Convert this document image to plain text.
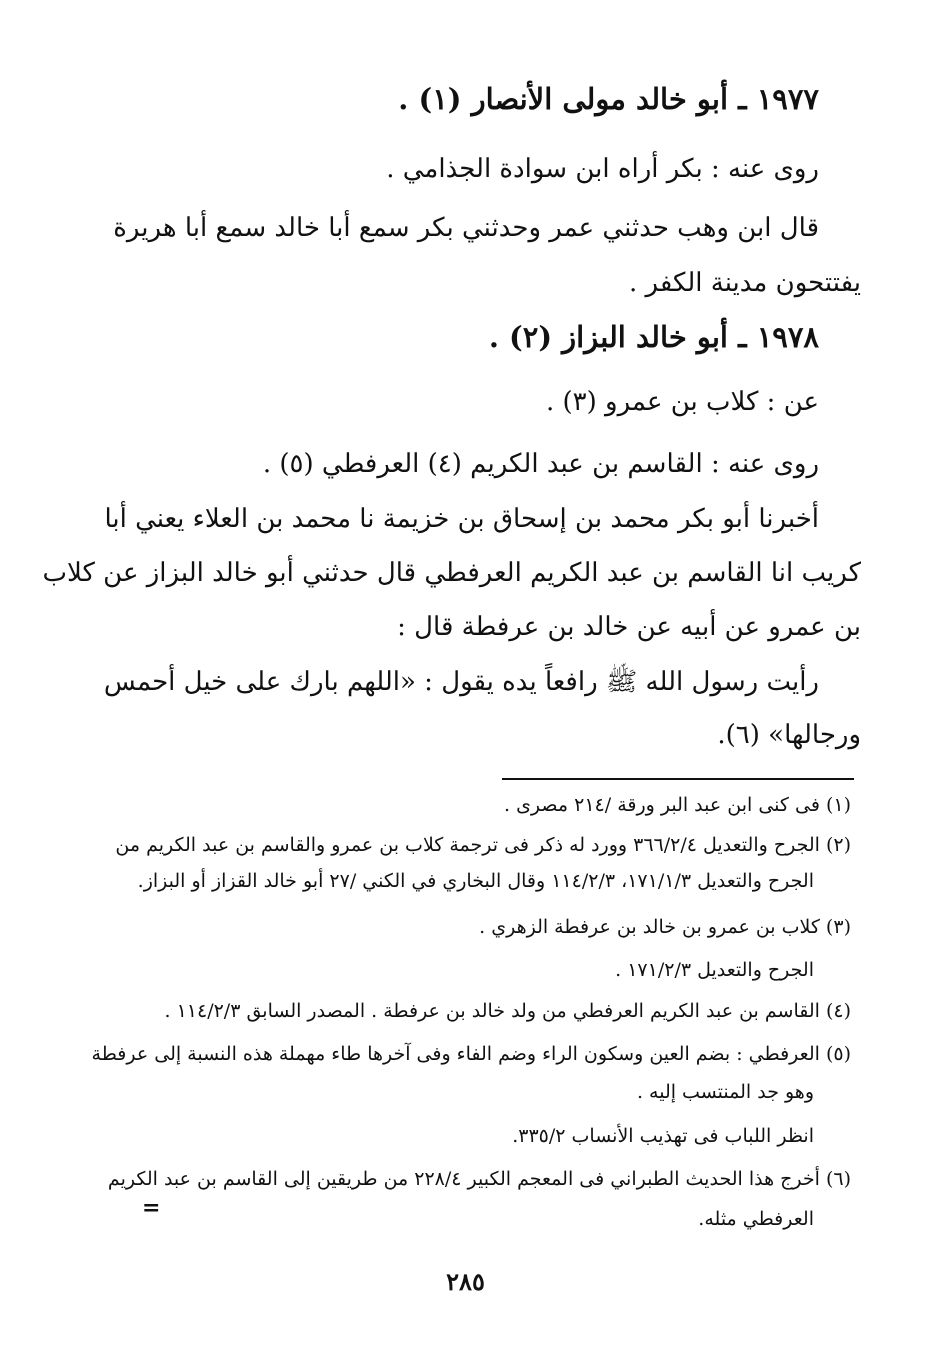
١٩٧٧ ـ أبو خالد مولى الأنصار (١) .
روى عنه : بكر أراه ابن سوادة الجذامي .
قال ابن وهب حدثني عمر وحدثني بكر سمع أبا خالد سمع أبا هريرة
يفتتحون مدينة الكفر .
١٩٧٨ ـ أبو خالد البزاز (٢) .
عن : كلاب بن عمرو (٣) .
روى عنه : القاسم بن عبد الكريم (٤) العرفطي (٥) .
أخبرنا أبو بكر محمد بن إسحاق بن خزيمة نا محمد بن العلاء يعني أبا
كريب انا القاسم بن عبد الكريم العرفطي قال حدثني أبو خالد البزاز عن كلاب
بن عمرو عن أبيه عن خالد بن عرفطة قال :
رأيت رسول الله ﷺ رافعاً يده يقول : «اللهم بارك على خيل أحمس
ورجالها» (٦).
(١) فى كنى ابن عبد البر ورقة /٢١٤ مصرى .
(٢) الجرح والتعديل ٣٦٦/٢/٤ وورد له ذكر فى ترجمة كلاب بن عمرو والقاسم بن عبد الكريم من
الجرح والتعديل ١٧١/١/٣، ١١٤/٢/٣ وقال البخاري في الكني /٢٧ أبو خالد القزاز أو البزاز.
(٣) كلاب بن عمرو بن خالد بن عرفطة الزهري .
الجرح والتعديل ١٧١/٢/٣ .
(٤) القاسم بن عبد الكريم العرفطي من ولد خالد بن عرفطة . المصدر السابق ١١٤/٢/٣ .
(٥) العرفطي : بضم العين وسكون الراء وضم الفاء وفى آخرها طاء مهملة هذه النسبة إلى عرفطة
وهو جد المنتسب إليه .
انظر اللباب فى تهذيب الأنساب ٣٣٥/٢.
(٦) أخرج هذا الحديث الطبراني فى المعجم الكبير ٢٢٨/٤ من طريقين إلى القاسم بن عبد الكريم
العرفطي مثله.
=
٢٨٥
